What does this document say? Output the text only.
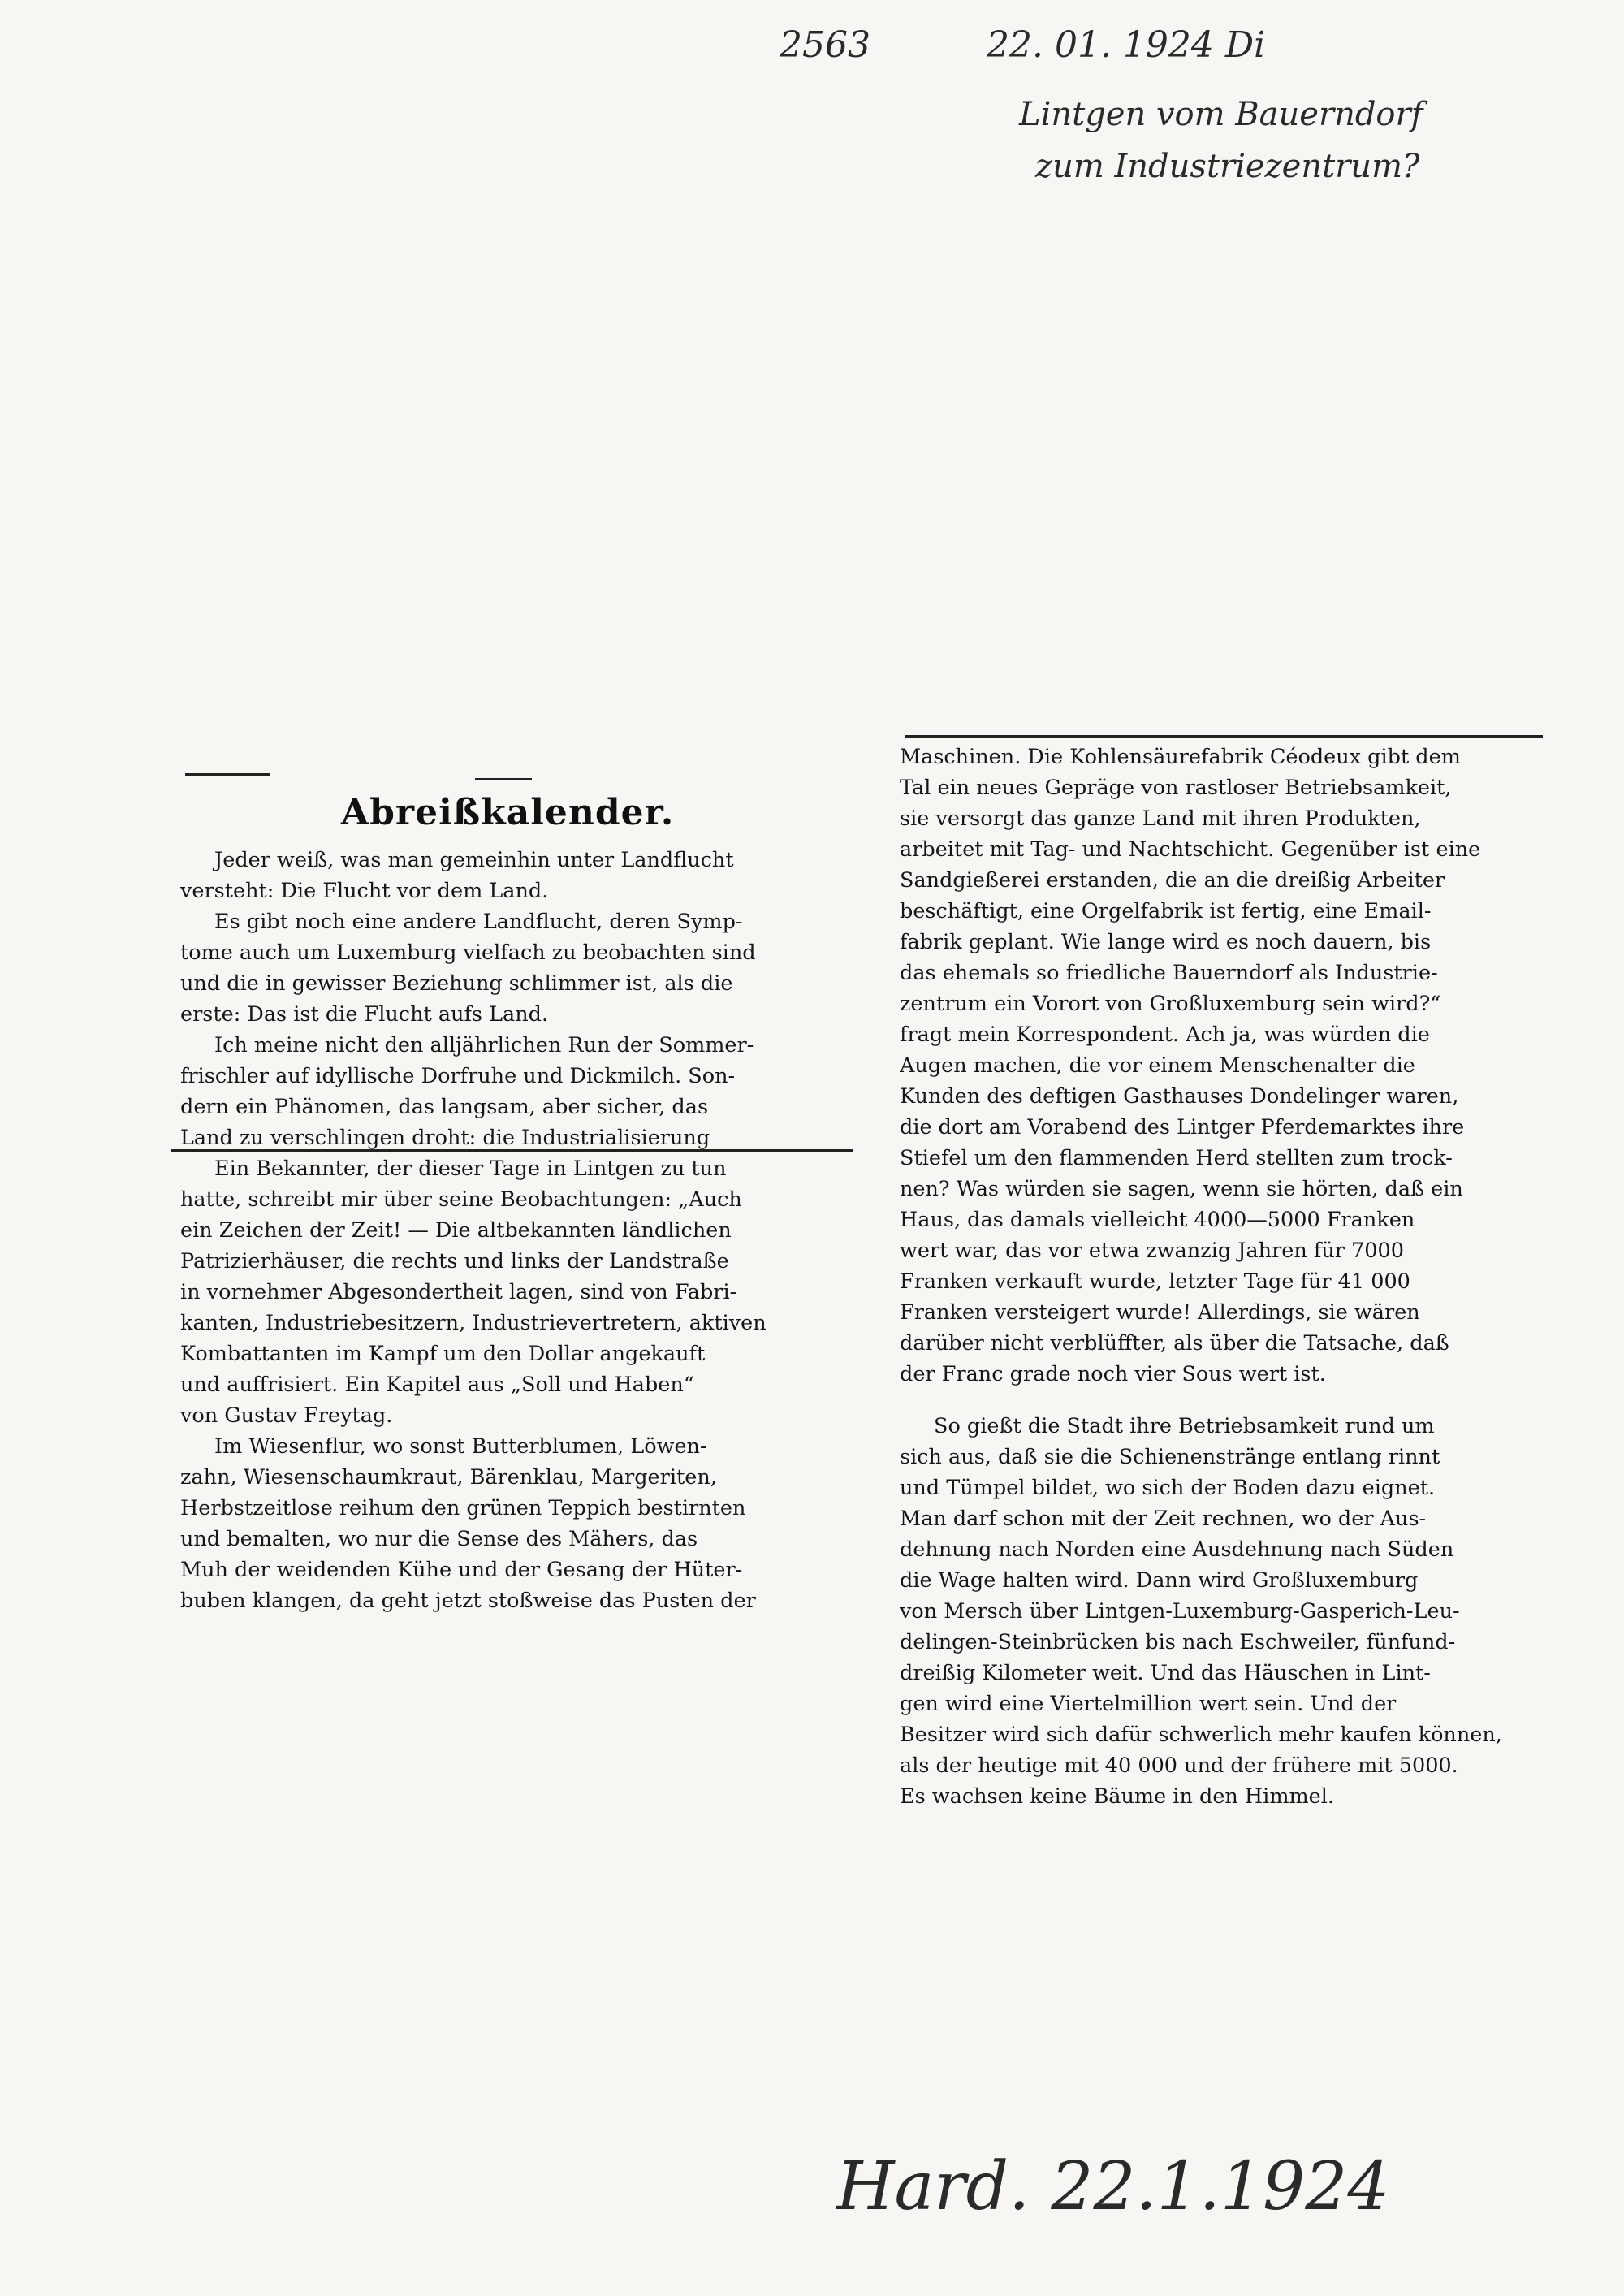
2563	22. 01. 1924 Di
Lintgen vom Bauerndorf
zum Industriezentrum?
Hard. 22.1.1924
Abreißkalender.
Jeder weiß, was man gemeinhin unter Landflucht
versteht: Die Flucht vor dem Land.
Es gibt noch eine andere Landflucht, deren Symp-
tome auch um Luxemburg vielfach zu beobachten sind
und die in gewisser Beziehung schlimmer ist, als die
erste: Das ist die Flucht aufs Land.
Ich meine nicht den alljährlichen Run der Sommer-
frischler auf idyllische Dorfruhe und Dickmilch. Son-
dern ein Phänomen, das langsam, aber sicher, das
Land zu verschlingen droht: die Industrialisierung
Ein Bekannter, der dieser Tage in Lintgen zu tun
hatte, schreibt mir über seine Beobachtungen: „Auch
ein Zeichen der Zeit! — Die altbekannten ländlichen
Patrizierhäuser, die rechts und links der Landstraße
in vornehmer Abgesondertheit lagen, sind von Fabri-
kanten, Industriebesitzern, Industrievertretern, aktiven
Kombattanten im Kampf um den Dollar angekauft
und auffrisiert. Ein Kapitel aus „Soll und Haben“
von Gustav Freytag.
Im Wiesenflur, wo sonst Butterblumen, Löwen-
zahn, Wiesenschaumkraut, Bärenklau, Margeriten,
Herbstzeitlose reihum den grünen Teppich bestirnten
und bemalten, wo nur die Sense des Mähers, das
Muh der weidenden Kühe und der Gesang der Hüter-
buben klangen, da geht jetzt stoßweise das Pusten der
Maschinen. Die Kohlensäurefabrik Céodeux gibt dem
Tal ein neues Gepräge von rastloser Betriebsamkeit,
sie versorgt das ganze Land mit ihren Produkten,
arbeitet mit Tag- und Nachtschicht. Gegenüber ist eine
Sandgießerei erstanden, die an die dreißig Arbeiter
beschäftigt, eine Orgelfabrik ist fertig, eine Email-
fabrik geplant. Wie lange wird es noch dauern, bis
das ehemals so friedliche Bauerndorf als Industrie-
zentrum ein Vorort von Großluxemburg sein wird?“
fragt mein Korrespondent. Ach ja, was würden die
Augen machen, die vor einem Menschenalter die
Kunden des deftigen Gasthauses Dondelinger waren,
die dort am Vorabend des Lintger Pferdemarktes ihre
Stiefel um den flammenden Herd stellten zum trock-
nen? Was würden sie sagen, wenn sie hörten, daß ein
Haus, das damals vielleicht 4000—5000 Franken
wert war, das vor etwa zwanzig Jahren für 7000
Franken verkauft wurde, letzter Tage für 41 000
Franken versteigert wurde! Allerdings, sie wären
darüber nicht verblüffter, als über die Tatsache, daß
der Franc grade noch vier Sous wert ist.
So gießt die Stadt ihre Betriebsamkeit rund um
sich aus, daß sie die Schienenstränge entlang rinnt
und Tümpel bildet, wo sich der Boden dazu eignet.
Man darf schon mit der Zeit rechnen, wo der Aus-
dehnung nach Norden eine Ausdehnung nach Süden
die Wage halten wird. Dann wird Großluxemburg
von Mersch über Lintgen-Luxemburg-Gasperich-Leu-
delingen-Steinbrücken bis nach Eschweiler, fünfund-
dreißig Kilometer weit. Und das Häuschen in Lint-
gen wird eine Viertelmillion wert sein. Und der
Besitzer wird sich dafür schwerlich mehr kaufen können,
als der heutige mit 40 000 und der frühere mit 5000.
Es wachsen keine Bäume in den Himmel.
